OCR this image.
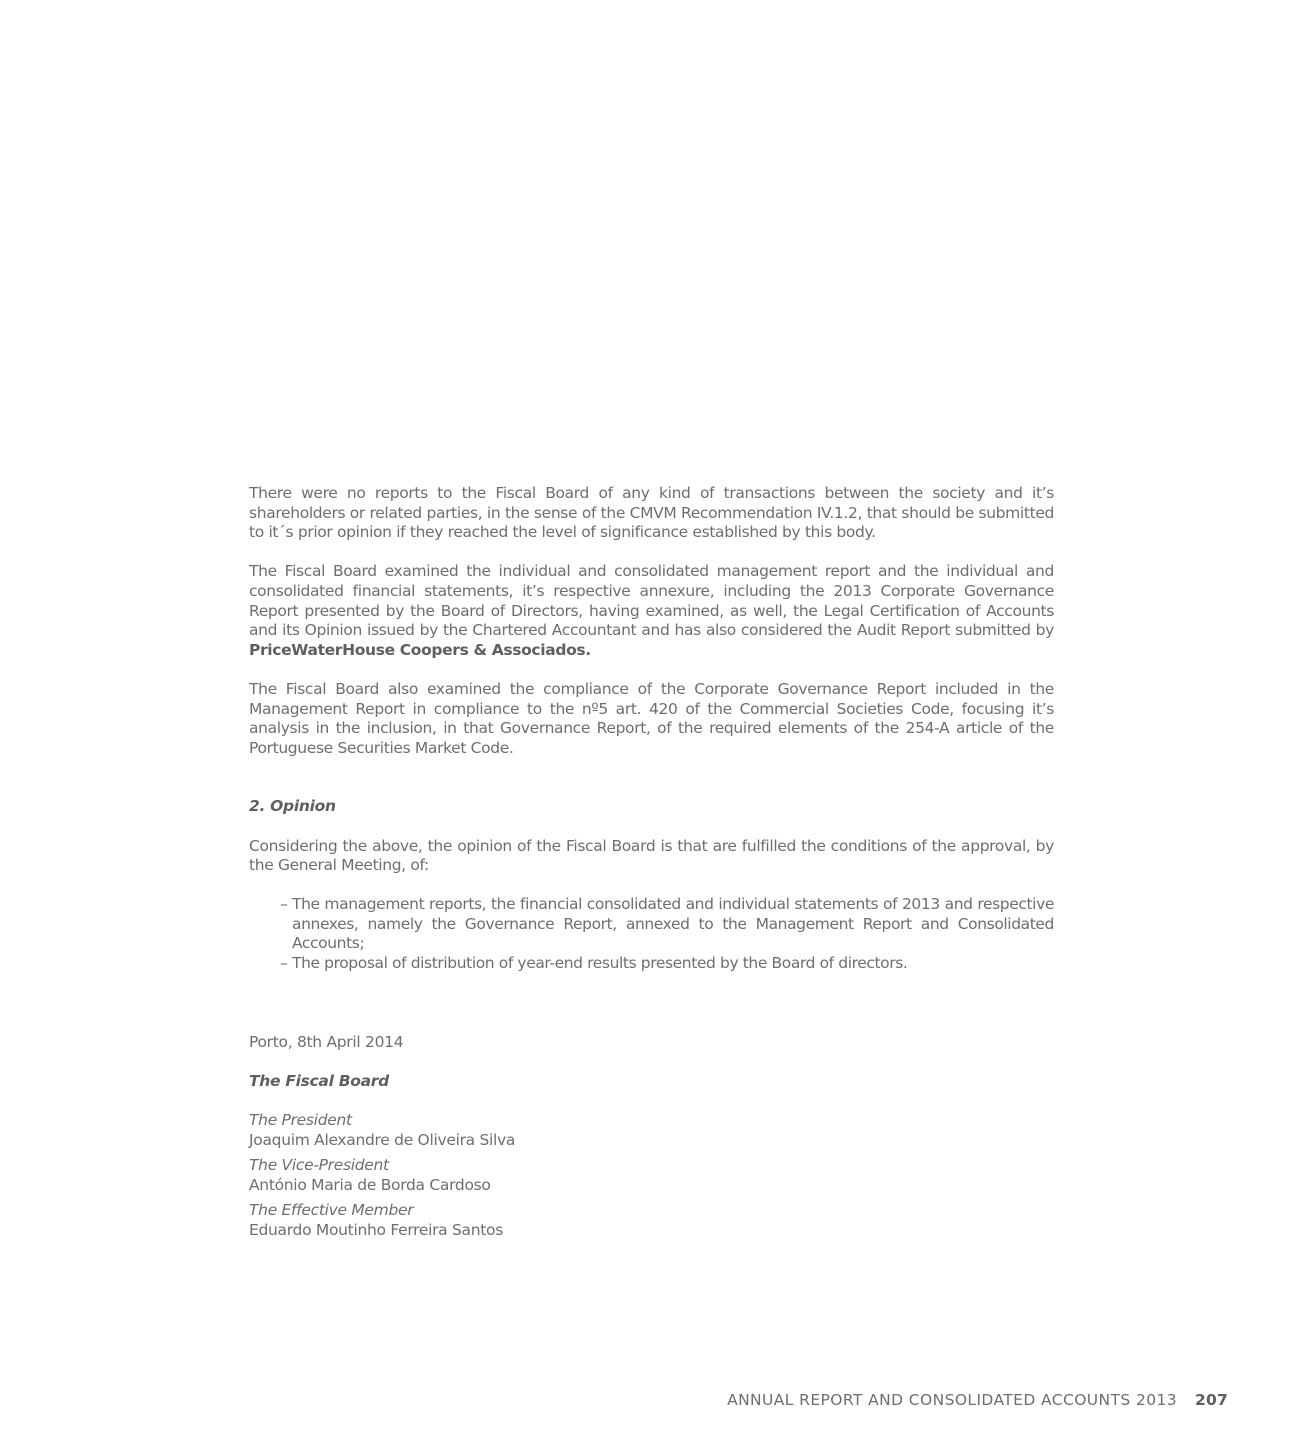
There were no reports to the Fiscal Board of any kind of transactions between the society and it’s shareholders or related parties, in the sense of the CMVM Recommendation IV.1.2, that should be submitted to it´s prior opinion if they reached the level of significance established by this body.

The Fiscal Board examined the individual and consolidated management report and the individual and consolidated financial statements, it’s respective annexure, including the 2013 Corporate Governance Report presented by the Board of Directors, having examined, as well, the Legal Certification of Accounts and its Opinion issued by the Chartered Accountant and has also considered the Audit Report submitted by PriceWaterHouse Coopers & Associados.

The Fiscal Board also examined the compliance of the Corporate Governance Report included in the Management Report in compliance to the nº5 art. 420 of the Commercial Societies Code, focusing it’s analysis in the inclusion, in that Governance Report, of the required elements of the 254-A article of the Portuguese Securities Market Code.

2. Opinion

Considering the above, the opinion of the Fiscal Board is that are fulfilled the conditions of the approval, by the General Meeting, of:

– The management reports, the financial consolidated and individual statements of 2013 and respective annexes, namely the Governance Report, annexed to the Management Report and Consolidated Accounts;
– The proposal of distribution of year-end results presented by the Board of directors.

Porto, 8th April 2014

The Fiscal Board

The President
Joaquim Alexandre de Oliveira Silva
The Vice-President
António Maria de Borda Cardoso
The Effective Member
Eduardo Moutinho Ferreira Santos
ANNUAL REPORT AND CONSOLIDATED ACCOUNTS 2013 207
